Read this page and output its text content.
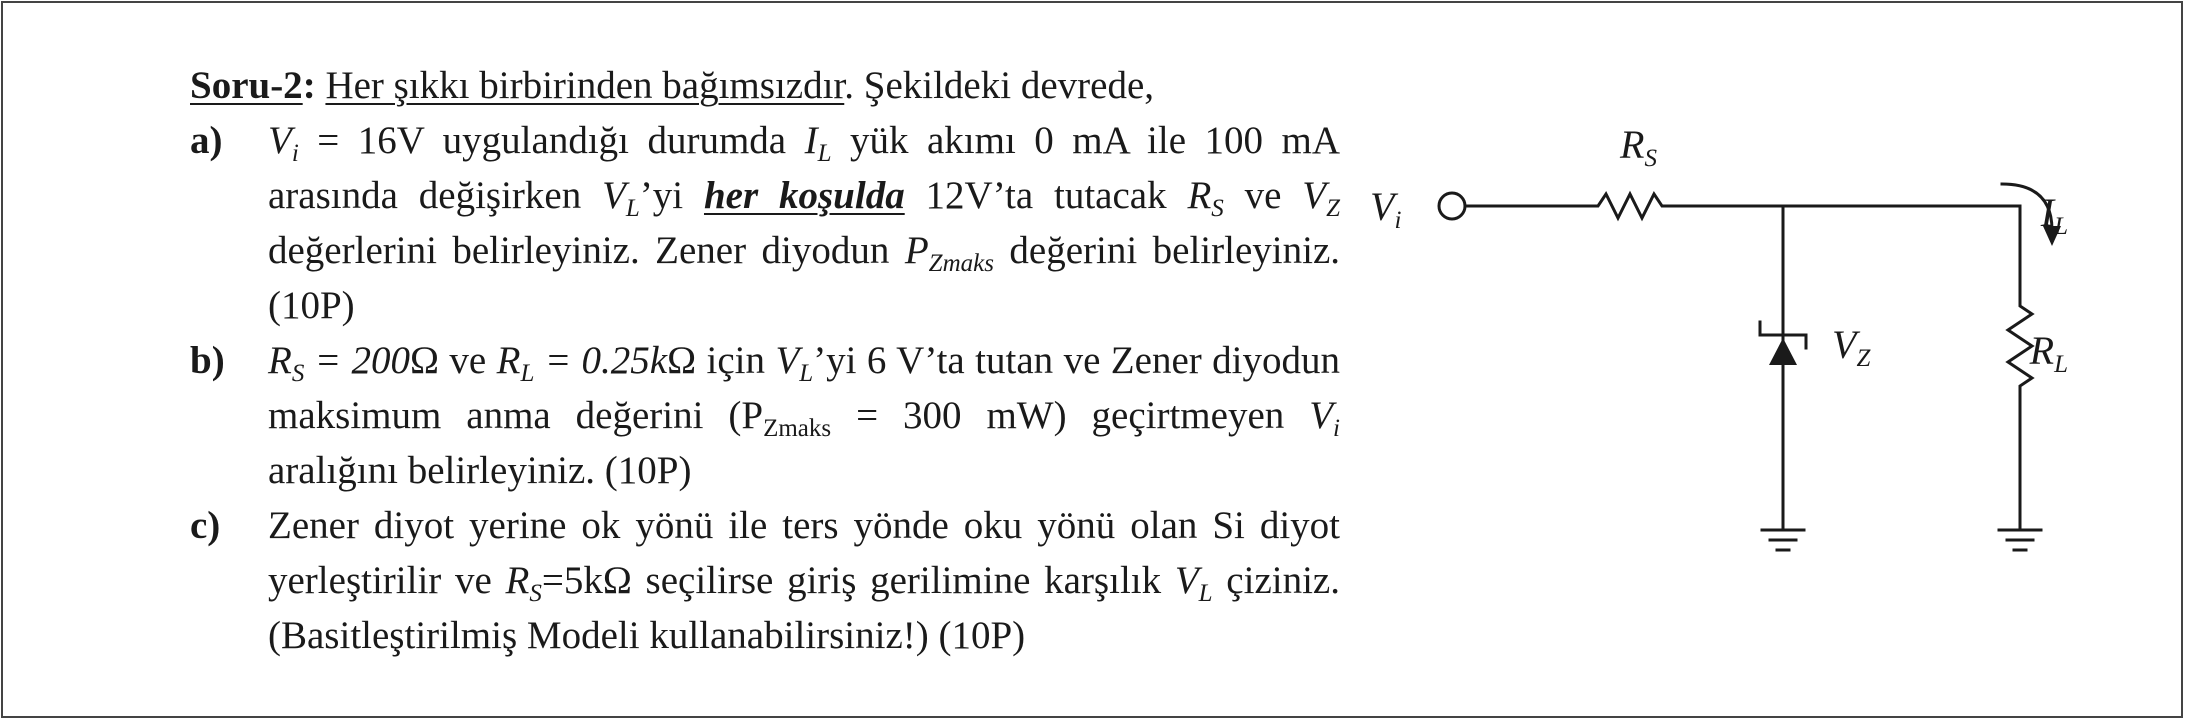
Soru-2: Her şıkkı birbirinden bağımsızdır. Şekildeki devrede,
a) $V_i = 16V$ uygulandığı durumda $I_L$ yük akımı 0 mA ile 100 mA arasında değişirken $V_L’yi$ her koşulda 12V’ta tutacak $R_S$ ve $V_Z$ değerlerini belirleyiniz. Zener diyodun $P_{Zmaks}$ değerini belirleyiniz. (10P)
b) $R_S = 200\Omega$ ve $R_L = 0.25k\Omega$ için $V_L’yi$ 6 V’ta tutan ve Zener diyodun maksimum anma değerini ($P_{Zmaks} = 300$ mW) geçirtmeyen $V_i$ aralığını belirleyiniz. (10P)
c) Zener diyot yerine ok yönü ile ters yönde oku yönü olan Si diyot yerleştirilir ve $R_S=5k\Omega$ seçilirse giriş gerilimine karşılık $V_L$ çiziniz. (Basitleştirilmiş Modeli kullanabilirsiniz!) (10P)
$V_i$
$R_S$
$I_L$
$V_Z$	$R_L$
